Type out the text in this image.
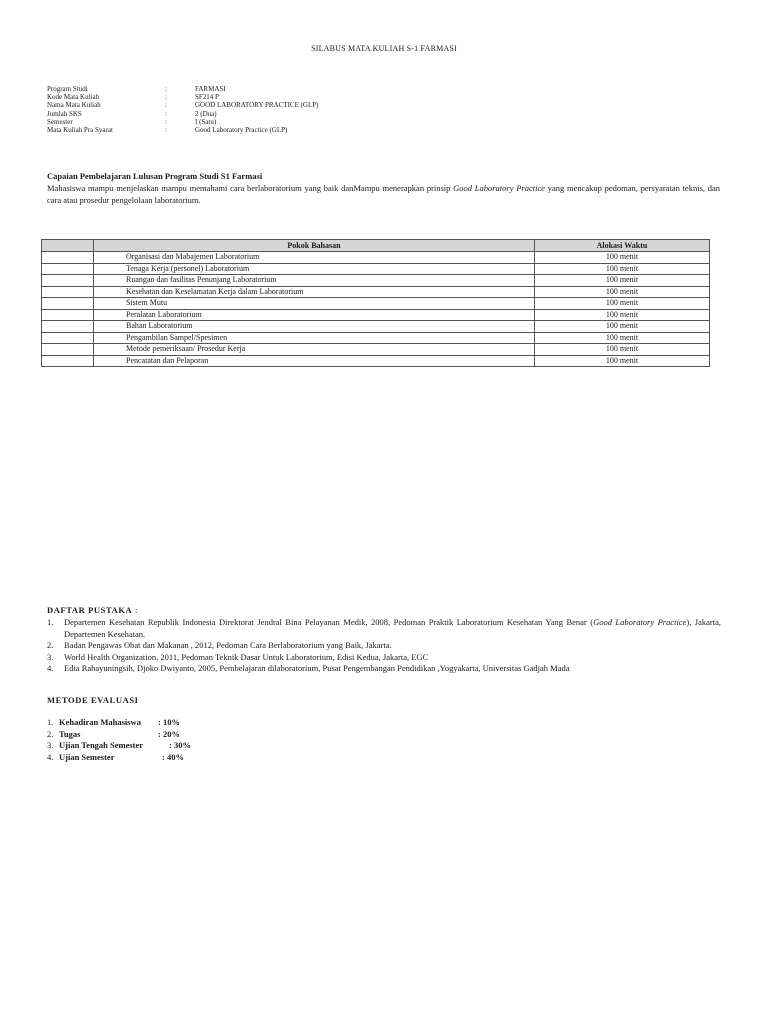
SILABUS MATA KULIAH S-1 FARMASI
Program Studi	:	FARMASI
Kode Mata Kuliah	:	SF214 P
Nama Mata Kuliah	:	GOOD LABORATORY PRACTICE (GLP)
Jumlah SKS	:	2 (Dua)
Semester	:	I (Satu)
Mata Kuliah Pra Syarat	:	Good Laboratory Practice (GLP)
Capaian Pembelajaran Lulusan Program Studi S1 Farmasi
Mahasiswa mampu menjelaskan mampu memahami cara berlaboratorium yang baik danMampu menerapkan prinsip Good Laboratory Practice yang mencakup pedoman, persyaratan teknis, dan cara atau prosedur pengelolaan laboratorium.
	Pokok Bahasan	Alokasi Waktu
	Organisasi dan Mabajemen Laboratorium	100 menit
	Tenaga Kerja (personel) Laboratorium	100 menit
	Ruangan dan fasilitas Penunjang Laboratorium	100 menit
	Kesehatan dan Keselamatan Kerja dalam Laboratorium	100 menit
	Sistem Mutu	100 menit
	Peralatan Laboratorium	100 menit
	Bahan Laboratorium	100 menit
	Pengambilan Sampel/Spesimen	100 menit
	Metode pemeriksaan/ Prosedur Kerja	100 menit
	Pencatatan dan Pelaporan	100 menit
DAFTAR PUSTAKA :
1.	Departemen Kesehatan Republik Indonesia Direktorat Jendral Bina Pelayanan Medik, 2008, Pedoman Praktik Laboratorium Kesehatan Yang Benar (Good Laboratory Practice), Jakarta, Departemen Kesehatan.
2.	Badan Pengawas Obat dan Makanan , 2012, Pedoman Cara Berlaboratorium yang Baik, Jakarta.
3.	World Health Organization, 2011, Pedoman Teknik Dasar Untuk Laboratorium, Edisi Kedua, Jakarta, EGC
4.	Edia Rahayuningsih, Djoko Dwiyanto, 2005, Pembelajaran dilaboratorium, Pusat Pengembangan Pendidikan ,Yogyakarta, Universitas Gadjah Mada
METODE EVALUASI
1. Kehadiran Mahasiswa	: 10%
2. Tugas	: 20%
3. Ujian Tengah Semester	: 30%
4. Ujian Semester	: 40%
